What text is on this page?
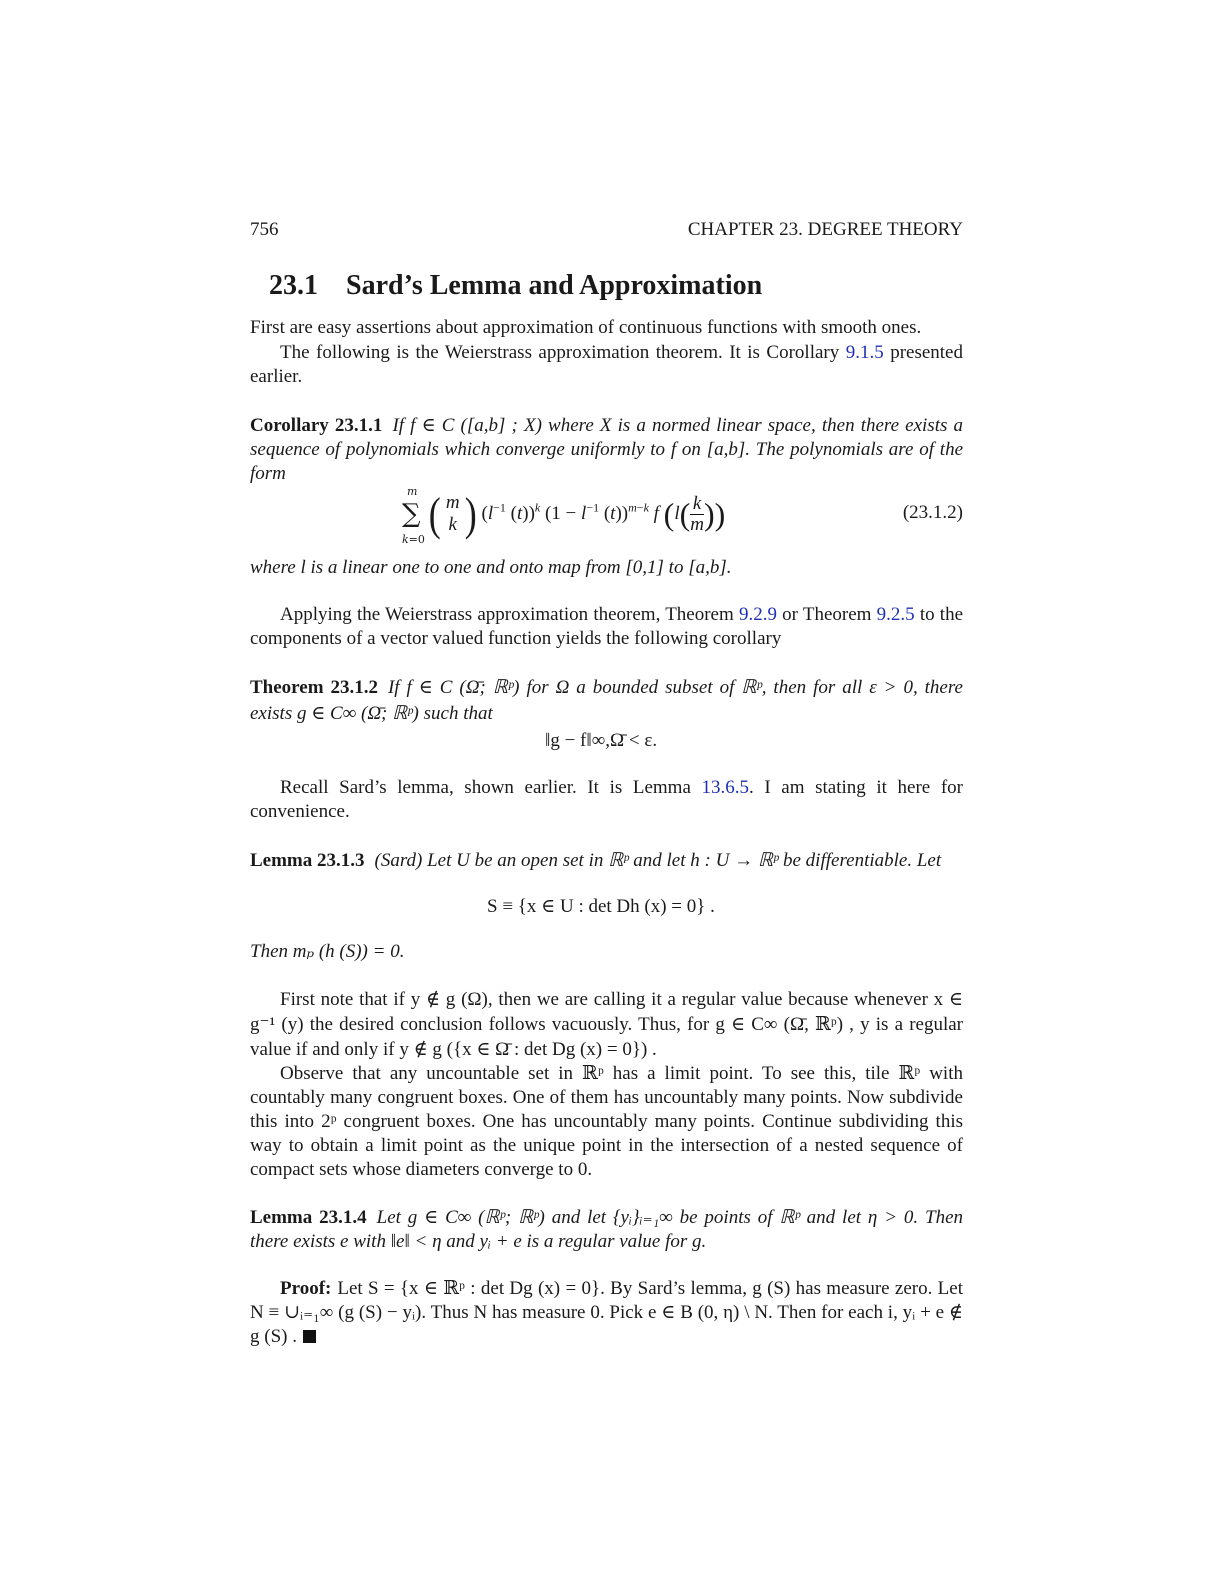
756	CHAPTER 23. DEGREE THEORY
23.1 Sard’s Lemma and Approximation
First are easy assertions about approximation of continuous functions with smooth ones.
The following is the Weierstrass approximation theorem. It is Corollary 9.1.5 presented earlier.
Corollary 23.1.1 If f ∈ C ([a,b] ; X) where X is a normed linear space, then there exists a sequence of polynomials which converge uniformly to f on [a,b]. The polynomials are of the form
∑
m
k=0 ( m
k ) ($l^{-1}$ (t))$^k$ ($1 - l^{-1}$ (t))$^{m-k}$ f (l( k
m))	(23.1.2)
where l is a linear one to one and onto map from [0,1] to [a,b].
Applying the Weierstrass approximation theorem, Theorem 9.2.9 or Theorem 9.2.5 to the components of a vector valued function yields the following corollary
Theorem 23.1.2 If f ∈ C (Ω̄; ℝᵖ) for Ω a bounded subset of ℝᵖ, then for all ε > 0, there exists g ∈ C∞ (Ω̄; ℝᵖ) such that
‖g − f‖∞,Ω̄ < ε.
Recall Sard’s lemma, shown earlier. It is Lemma 13.6.5. I am stating it here for convenience.
Lemma 23.1.3 (Sard) Let U be an open set in ℝᵖ and let h : U → ℝᵖ be differentiable. Let
S ≡ {x ∈ U : det Dh (x) = 0} .
Then mₚ (h (S)) = 0.
First note that if y ∉ g (Ω), then we are calling it a regular value because whenever x ∈ g⁻¹ (y) the desired conclusion follows vacuously. Thus, for g ∈ C∞ (Ω̄, ℝᵖ) , y is a regular value if and only if y ∉ g ({x ∈ Ω̄ : det Dg (x) = 0}) .
Observe that any uncountable set in ℝᵖ has a limit point. To see this, tile ℝᵖ with countably many congruent boxes. One of them has uncountably many points. Now subdivide this into 2ᵖ congruent boxes. One has uncountably many points. Continue subdividing this way to obtain a limit point as the unique point in the intersection of a nested sequence of compact sets whose diameters converge to 0.
Lemma 23.1.4 Let g ∈ C∞ (ℝᵖ; ℝᵖ) and let {yᵢ}ᵢ₌₁∞ be points of ℝᵖ and let η > 0. Then there exists e with ‖e‖ < η and yᵢ + e is a regular value for g.
Proof: Let S = {x ∈ ℝᵖ : det Dg (x) = 0}. By Sard’s lemma, g (S) has measure zero. Let N ≡ ∪ᵢ₌₁∞ (g (S) − yᵢ). Thus N has measure 0. Pick e ∈ B (0, η) \ N. Then for each i, yᵢ + e ∉ g (S) .
